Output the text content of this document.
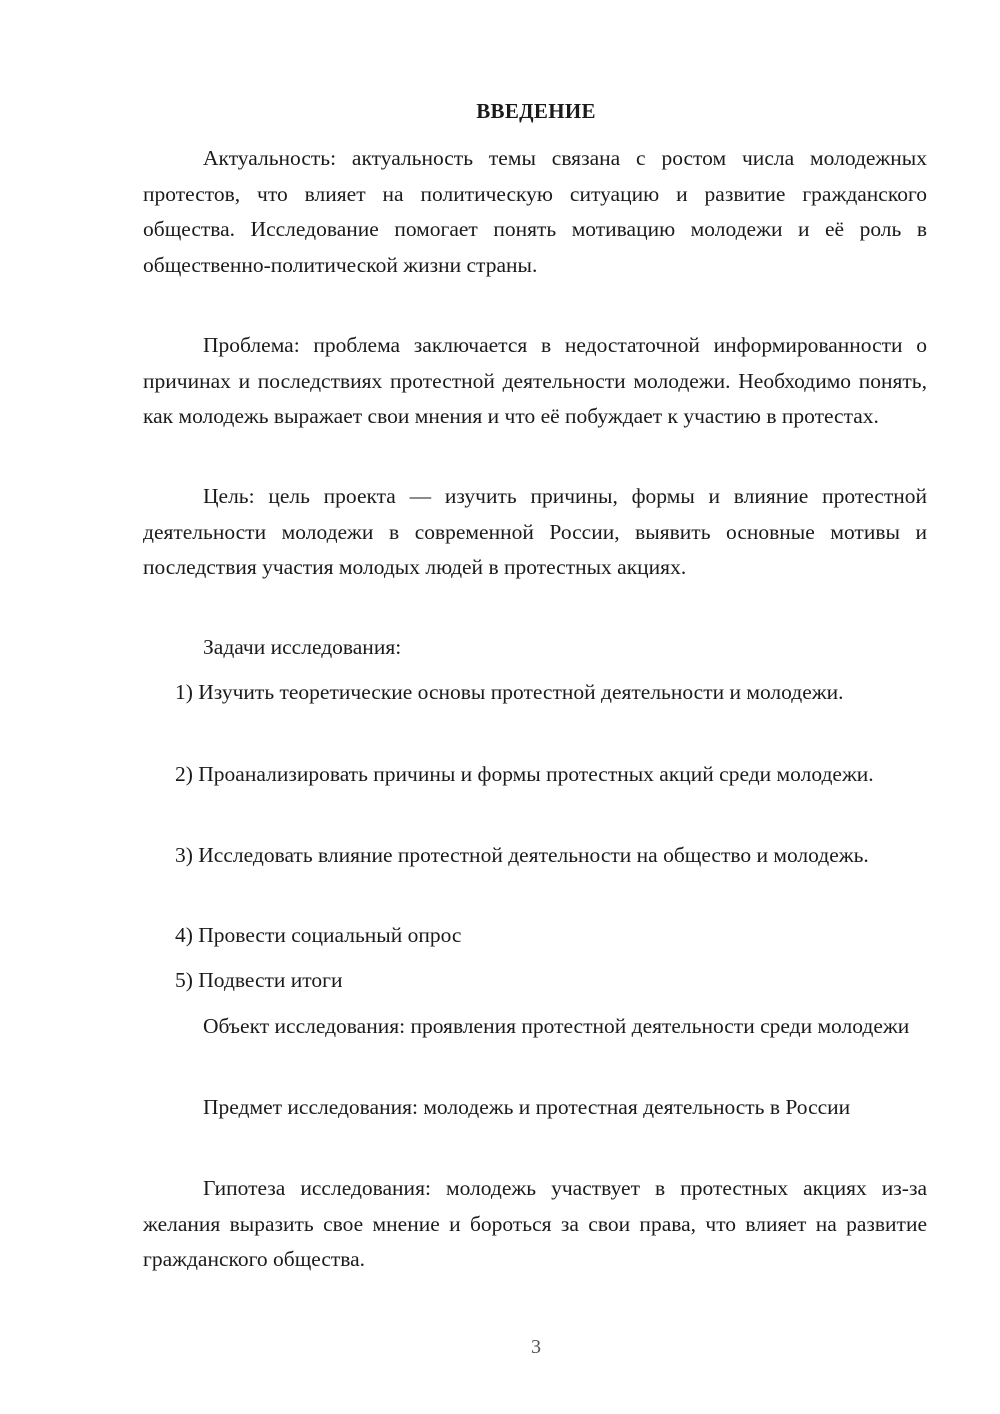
ВВЕДЕНИЕ

Актуальность: актуальность темы связана с ростом числа молодежных протестов, что влияет на политическую ситуацию и развитие гражданского общества. Исследование помогает понять мотивацию молодежи и её роль в общественно-политической жизни страны.

Проблема: проблема заключается в недостаточной информированности о причинах и последствиях протестной деятельности молодежи. Необходимо понять, как молодежь выражает свои мнения и что её побуждает к участию в протестах.

Цель: цель проекта — изучить причины, формы и влияние протестной деятельности молодежи в современной России, выявить основные мотивы и последствия участия молодых людей в протестных акциях.

Задачи исследования:

1) Изучить теоретические основы протестной деятельности и молодежи.

2) Проанализировать причины и формы протестных акций среди молодежи.

3) Исследовать влияние протестной деятельности на общество и молодежь.

4) Провести социальный опрос

5) Подвести итоги

Объект исследования: проявления протестной деятельности среди молодежи

Предмет исследования: молодежь и протестная деятельность в России

Гипотеза исследования: молодежь участвует в протестных акциях из-за желания выразить свое мнение и бороться за свои права, что влияет на развитие гражданского общества.

3
